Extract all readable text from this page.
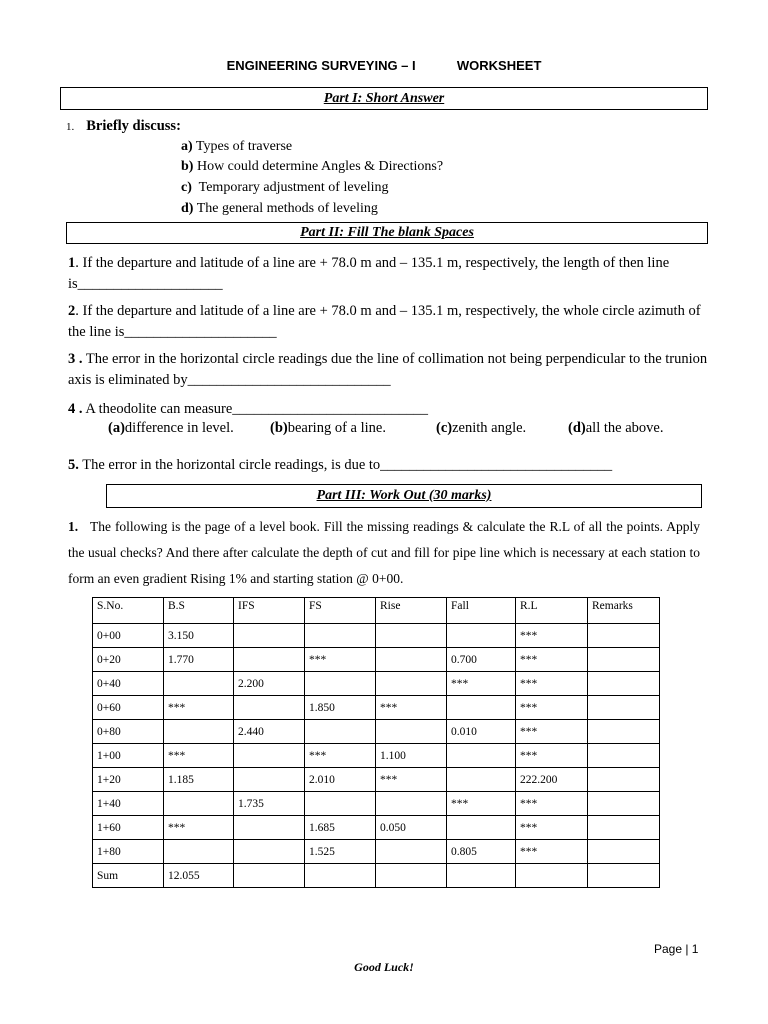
ENGINEERING SURVEYING – I	WORKSHEET
Part I: Short Answer
1. Briefly discuss:
a) Types of traverse
b) How could determine Angles & Directions?
c)  Temporary adjustment of leveling
d) The general methods of leveling
Part II: Fill The blank Spaces
1. If the departure and latitude of a line are + 78.0 m and – 135.1 m, respectively, the length of then line is____________________
2. If the departure and latitude of a line are + 78.0 m and – 135.1 m, respectively, the whole circle azimuth of the line is_____________________
3 . The error in the horizontal circle readings due the line of collimation not being perpendicular to the trunion axis is eliminated by____________________________
4 . A theodolite can measure___________________________
(a)difference in level.	(b)bearing of a line.	(c)zenith angle.	(d)all the above.
5. The error in the horizontal circle readings, is due to________________________________
Part III: Work Out (30 marks)
1. The following is the page of a level book. Fill the missing readings & calculate the R.L of all the points. Apply the usual checks? And there after calculate the depth of cut and fill for pipe line which is necessary at each station to form an even gradient Rising 1% and starting station @ 0+00.
S.No.	B.S	IFS	FS	Rise	Fall	R.L	Remarks
0+00	3.150					***	
0+20	1.770		***		0.700	***	
0+40		2.200			***	***	
0+60	***		1.850	***		***	
0+80		2.440			0.010	***	
1+00	***		***	1.100		***	
1+20	1.185		2.010	***		222.200	
1+40		1.735			***	***	
1+60	***		1.685	0.050		***	
1+80			1.525		0.805	***	
Sum	12.055						
Page | 1
Good Luck!
